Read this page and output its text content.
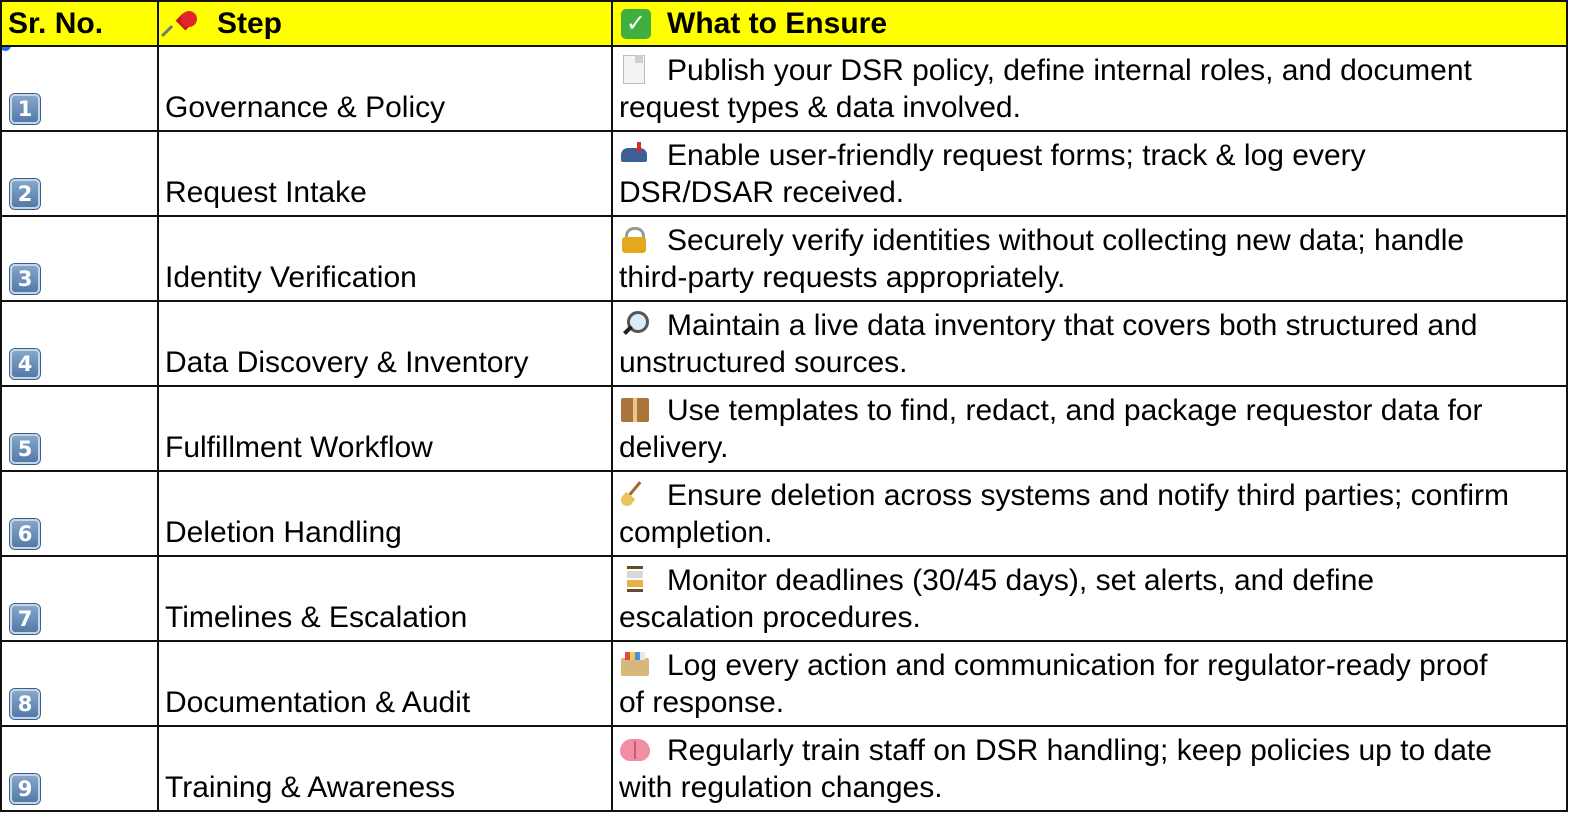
Sr. No.	Step	✓ What to Ensure

1	Governance & Policy	Publish your DSR policy, define internal roles, and document
request types & data involved.

2	Request Intake	Enable user-friendly request forms; track & log every
DSR/DSAR received.

3	Identity Verification	Securely verify identities without collecting new data; handle
third-party requests appropriately.

4	Data Discovery & Inventory	Maintain a live data inventory that covers both structured and
unstructured sources.

5	Fulfillment Workflow	Use templates to find, redact, and package requestor data for
delivery.

6	Deletion Handling	Ensure deletion across systems and notify third parties; confirm
completion.

7	Timelines & Escalation	Monitor deadlines (30/45 days), set alerts, and define
escalation procedures.

8	Documentation & Audit	Log every action and communication for regulator-ready proof
of response.

9	Training & Awareness	Regularly train staff on DSR handling; keep policies up to date
with regulation changes.
